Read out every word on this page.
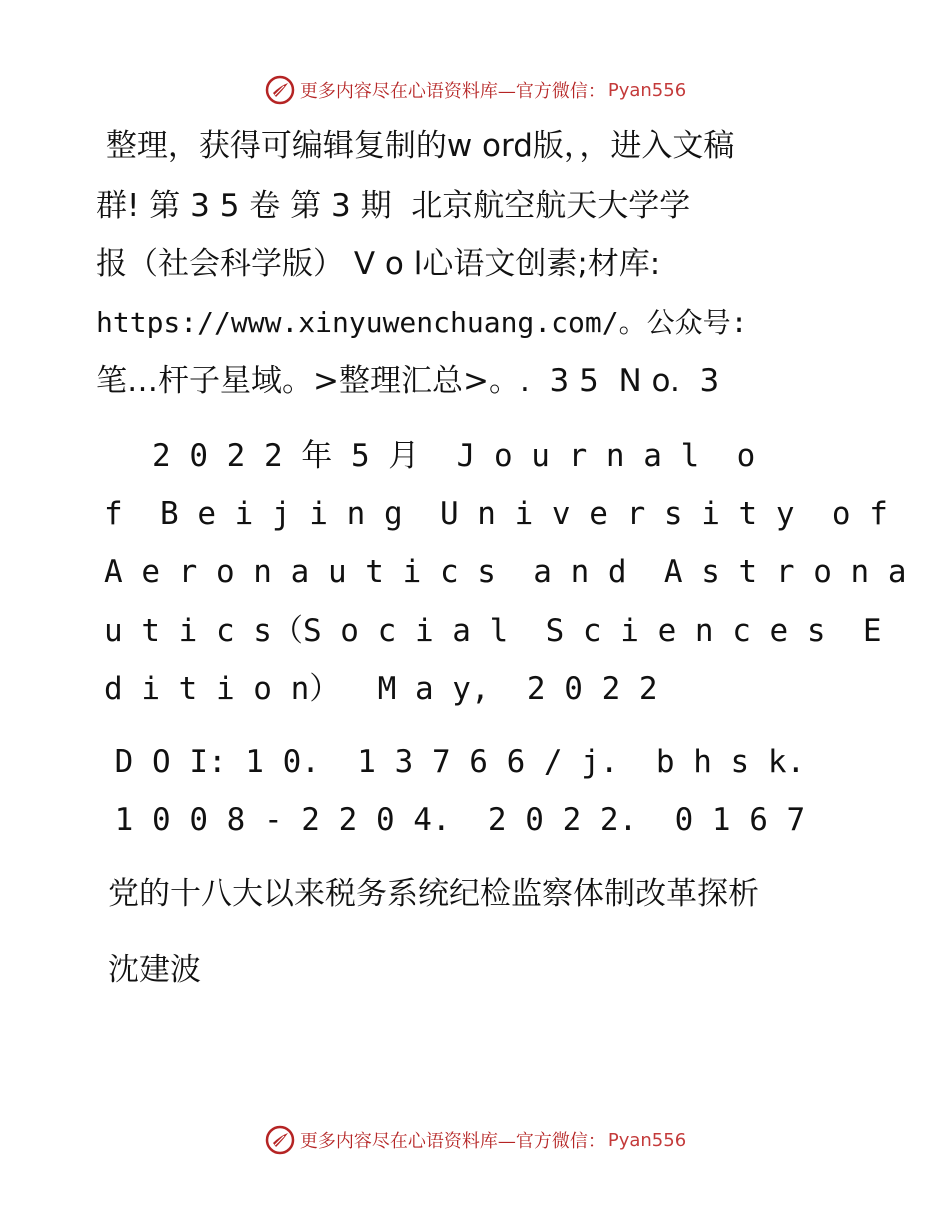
更多内容尽在心语资料库—官方微信： Pyan556
整理，获得可编辑复制的w ord版，，进入文稿
群! 第 3 5 卷 第 3 期  北京航空航天大学学
报（社会科学版） V o l心语文创素;材库:
https://www.xinyuwenchuang.com/。公众号:
笔…杆子星域。>整理汇总>。.  3 5  N o.  3
2 0 2 2 年 5 月  J o u r n a l  o
f  B e i j i n g  U n i v e r s i t y  o f
A e r o n a u t i c s  a n d  A s t r o n a
u t i c s（S o c i a l  S c i e n c e s  E
d i t i o n）  M a y,  2 0 2 2
D O I: 1 0.  1 3 7 6 6 / j.  b h s k.
1 0 0 8 - 2 2 0 4.  2 0 2 2.  0 1 6 7
党的十八大以来税务系统纪检监察体制改革探析
沈建波
更多内容尽在心语资料库—官方微信： Pyan556
